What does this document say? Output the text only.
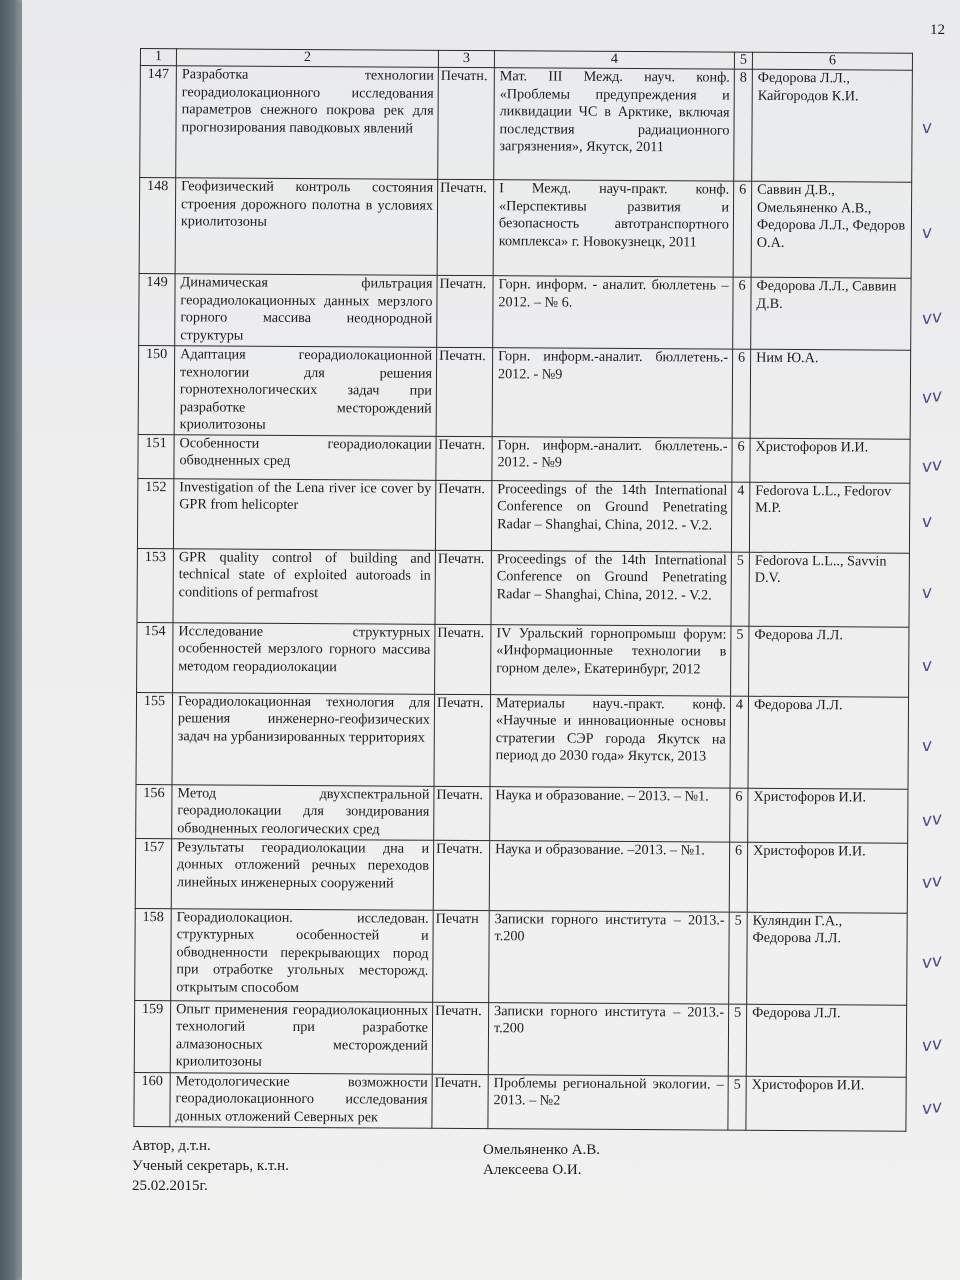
12
1	2	3	4	5	6
147	Разработка технологии георадиолокационного исследования параметров снежного покрова рек для прогнозирования паводковых явлений	Печатн.	Мат. III Межд. науч. конф. «Проблемы предупреждения и ликвидации ЧС в Арктике, включая последствия радиационного загрязнения», Якутск, 2011	8	Федорова Л.Л., Кайгородов К.И.
148	Геофизический контроль состояния строения дорожного полотна в условиях криолитозоны	Печатн.	I Межд. науч-практ. конф. «Перспективы развития и безопасность автотранспортного комплекса» г. Новокузнецк, 2011	6	Саввин Д.В., Омельяненко А.В., Федорова Л.Л., Федоров О.А.
149	Динамическая фильтрация георадиолокационных данных мерзлого горного массива неоднородной структуры	Печатн.	Горн. информ. - аналит. бюллетень – 2012. – № 6.	6	Федорова Л.Л., Саввин Д.В.
150	Адаптация георадиолокационной технологии для решения горнотехнологических задач при разработке месторождений криолитозоны	Печатн.	Горн. информ.-аналит. бюллетень.- 2012. - №9	6	Ним Ю.А.
151	Особенности георадиолокации обводненных сред	Печатн.	Горн. информ.-аналит. бюллетень.- 2012. - №9	6	Христофоров И.И.
152	Investigation of the Lena river ice cover by GPR from helicopter	Печатн.	Proceedings of the 14th International Conference on Ground Penetrating Radar – Shanghai, China, 2012. - V.2.	4	Fedorova L.L., Fedorov M.P.
153	GPR quality control of building and technical state of exploited autoroads in conditions of permafrost	Печатн.	Proceedings of the 14th International Conference on Ground Penetrating Radar – Shanghai, China, 2012. - V.2.	5	Fedorova L.L.., Savvin D.V.
154	Исследование структурных особенностей мерзлого горного массива методом георадиолокации	Печатн.	IV Уральский горнопромыш форум: «Информационные технологии в горном деле», Екатеринбург, 2012	5	Федорова Л.Л.
155	Георадиолокационная технология для решения инженерно-геофизических задач на урбанизированных территориях	Печатн.	Материалы науч.-практ. конф. «Научные и инновационные основы стратегии СЭР города Якутск на период до 2030 года» Якутск, 2013	4	Федорова Л.Л.
156	Метод двухспектральной георадиолокации для зондирования обводненных геологических сред	Печатн.	Наука и образование. – 2013. – №1.	6	Христофоров И.И.
157	Результаты георадиолокации дна и донных отложений речных переходов линейных инженерных сооружений	Печатн.	Наука и образование. –2013. – №1.	6	Христофоров И.И.
158	Георадиолокацион. исследован. структурных особенностей и обводненности перекрывающих пород при отработке угольных месторожд. открытым способом	Печатн	Записки горного института – 2013.- т.200	5	Куляндин Г.А., Федорова Л.Л.
159	Опыт применения георадиолокационных технологий при разработке алмазоносных месторождений криолитозоны	Печатн.	Записки горного института – 2013.- т.200	5	Федорова Л.Л.
160	Методологические возможности георадиолокационного исследования донных отложений Северных рек	Печатн.	Проблемы региональной экологии. –2013. – №2	5	Христофоров И.И.
v
v
vv
vv
vv
v
v
v
v
vv
vv
vv
vv
vv
Автор, д.т.н.
Ученый секретарь, к.т.н.
25.02.2015г.
Омельяненко А.В.
Алексеева О.И.
